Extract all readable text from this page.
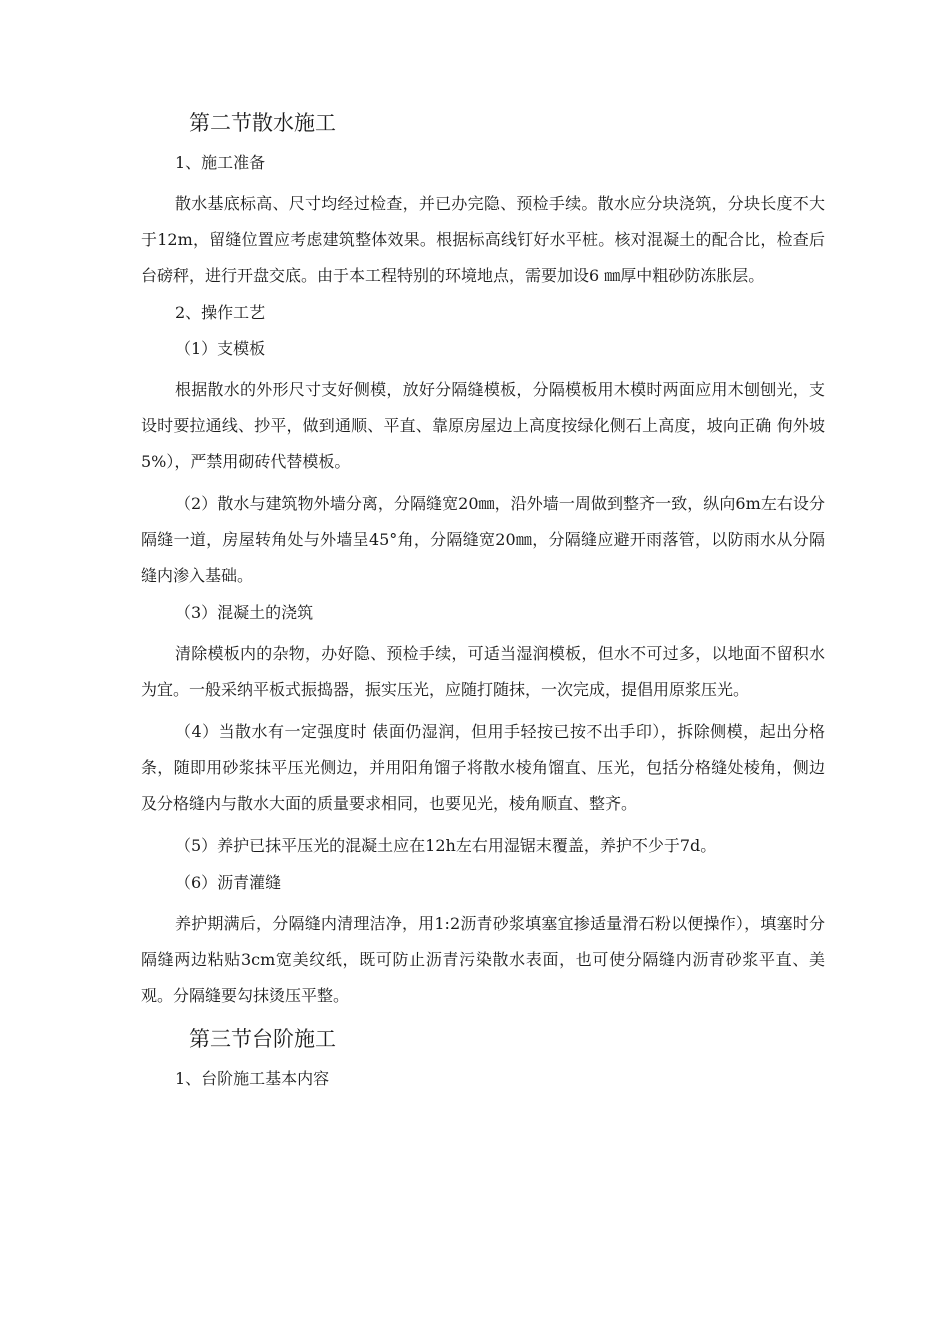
第二节散水施工
1、施工准备

散水基底标高、尺寸均经过检查，并已办完隐、预检手续。散水应分块浇筑，分块长度不大于12m，留缝位置应考虑建筑整体效果。根据标高线钉好水平桩。核对混凝土的配合比，检查后台磅秤，进行开盘交底。由于本工程特别的环境地点，需要加设6 ㎜厚中粗砂防冻胀层。

2、操作工艺
（1）支模板

根据散水的外形尺寸支好侧模，放好分隔缝模板，分隔模板用木模时两面应用木刨刨光，支设时要拉通线、抄平，做到通顺、平直、靠原房屋边上高度按绿化侧石上高度，坡向正确 佝外坡5%），严禁用砌砖代替模板。

（2）散水与建筑物外墙分离，分隔缝宽20㎜，沿外墙一周做到整齐一致，纵向6m左右设分隔缝一道，房屋转角处与外墙呈45°角，分隔缝宽20㎜，分隔缝应避开雨落管，以防雨水从分隔缝内渗入基础。

（3）混凝土的浇筑

清除模板内的杂物，办好隐、预检手续，可适当湿润模板，但水不可过多，以地面不留积水为宜。一般采纳平板式振捣器，振实压光，应随打随抹，一次完成，提倡用原浆压光。

（4）当散水有一定强度时 俵面仍湿润，但用手轻按已按不出手印），拆除侧模，起出分格条，随即用砂浆抹平压光侧边，并用阳角馏子将散水棱角馏直、压光，包括分格缝处棱角，侧边及分格缝内与散水大面的质量要求相同，也要见光，棱角顺直、整齐。

（5）养护已抹平压光的混凝土应在12h左右用湿锯末覆盖，养护不少于7d。

（6）沥青灌缝

养护期满后，分隔缝内清理洁净，用1:2沥青砂浆填塞宜掺适量滑石粉以便操作），填塞时分隔缝两边粘贴3cm宽美纹纸，既可防止沥青污染散水表面，也可使分隔缝内沥青砂浆平直、美观。分隔缝要勾抹烫压平整。

第三节台阶施工
1、台阶施工基本内容
